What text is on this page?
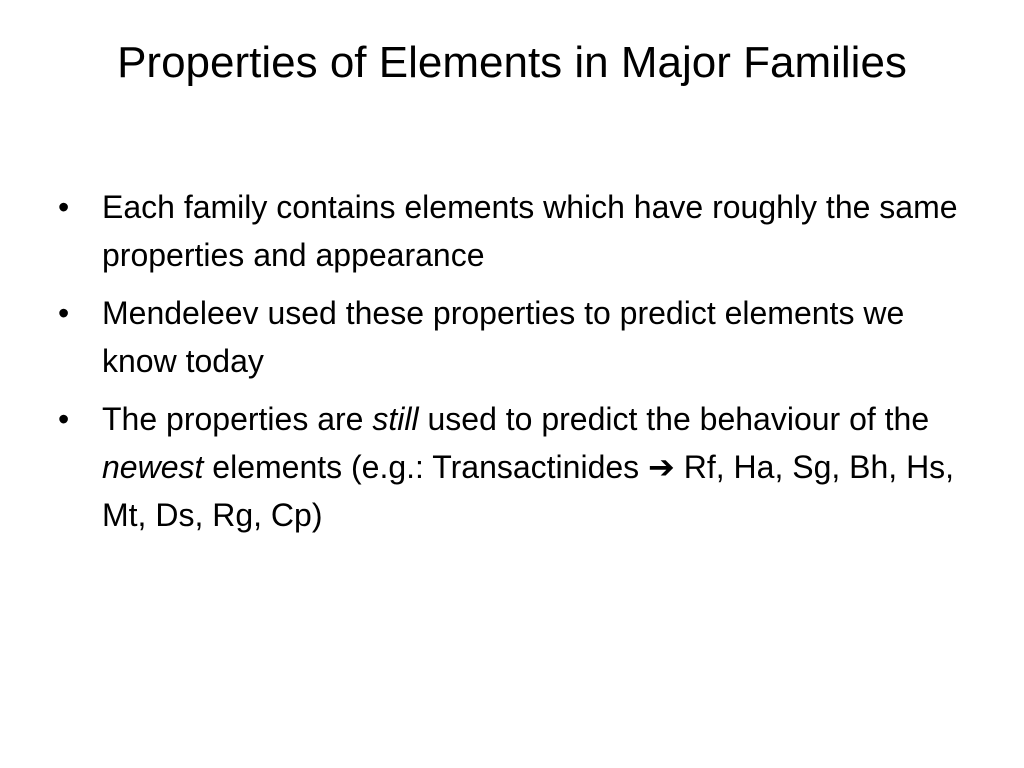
Properties of Elements in Major Families
• Each family contains elements which have roughly the same properties and appearance
• Mendeleev used these properties to predict elements we know today
• The properties are still used to predict the behaviour of the newest elements (e.g.: Transactinides ➔ Rf, Ha, Sg, Bh, Hs, Mt, Ds, Rg, Cp)
